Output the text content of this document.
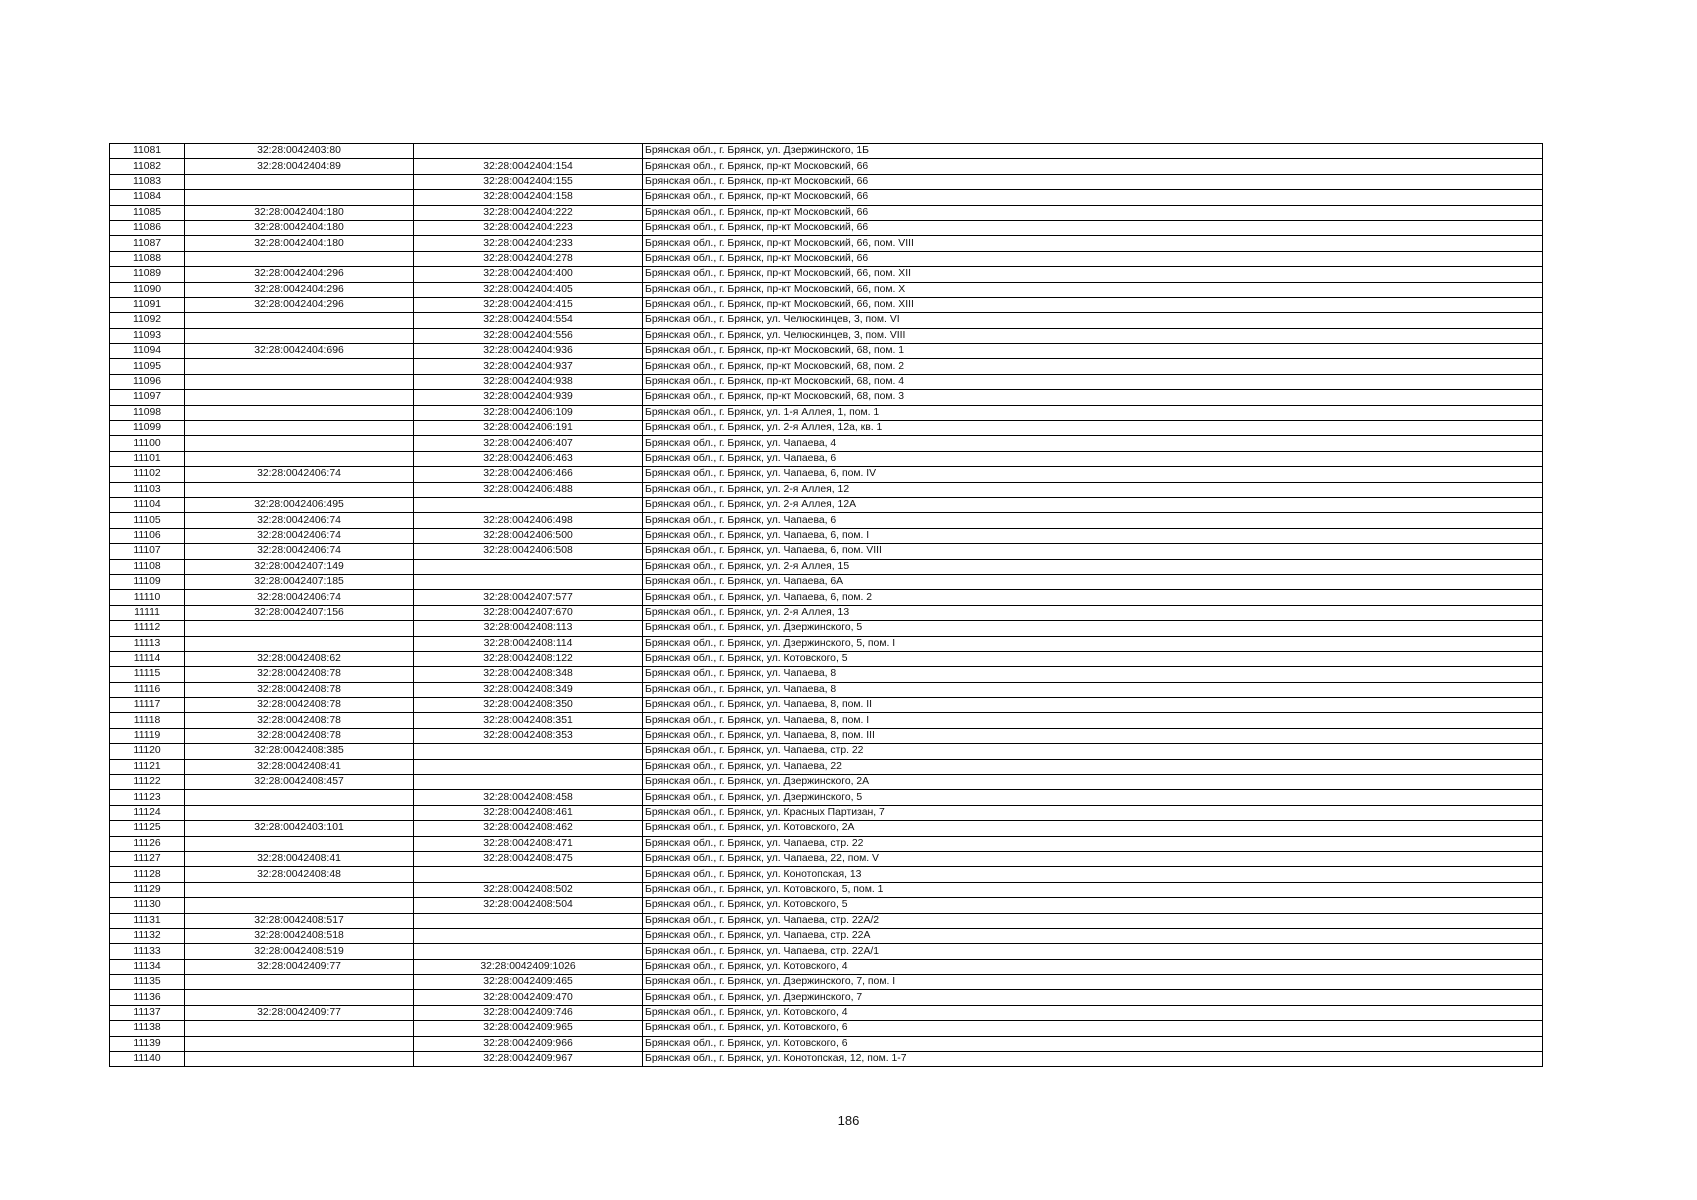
11081	32:28:0042403:80		Брянская обл., г. Брянск, ул. Дзержинского, 1Б
11082	32:28:0042404:89	32:28:0042404:154	Брянская обл., г. Брянск, пр-кт Московский, 66
11083		32:28:0042404:155	Брянская обл., г. Брянск, пр-кт Московский, 66
11084		32:28:0042404:158	Брянская обл., г. Брянск, пр-кт Московский, 66
11085	32:28:0042404:180	32:28:0042404:222	Брянская обл., г. Брянск, пр-кт Московский, 66
11086	32:28:0042404:180	32:28:0042404:223	Брянская обл., г. Брянск, пр-кт Московский, 66
11087	32:28:0042404:180	32:28:0042404:233	Брянская обл., г. Брянск, пр-кт Московский, 66, пом. VIII
11088		32:28:0042404:278	Брянская обл., г. Брянск, пр-кт Московский, 66
11089	32:28:0042404:296	32:28:0042404:400	Брянская обл., г. Брянск, пр-кт Московский, 66, пом. XII
11090	32:28:0042404:296	32:28:0042404:405	Брянская обл., г. Брянск, пр-кт Московский, 66, пом. X
11091	32:28:0042404:296	32:28:0042404:415	Брянская обл., г. Брянск, пр-кт Московский, 66, пом. XIII
11092		32:28:0042404:554	Брянская обл., г. Брянск, ул. Челюскинцев, 3, пом. VI
11093		32:28:0042404:556	Брянская обл., г. Брянск, ул. Челюскинцев, 3, пом. VIII
11094	32:28:0042404:696	32:28:0042404:936	Брянская обл., г. Брянск, пр-кт Московский, 68, пом. 1
11095		32:28:0042404:937	Брянская обл., г. Брянск, пр-кт Московский, 68, пом. 2
11096		32:28:0042404:938	Брянская обл., г. Брянск, пр-кт Московский, 68, пом. 4
11097		32:28:0042404:939	Брянская обл., г. Брянск, пр-кт Московский, 68, пом. 3
11098		32:28:0042406:109	Брянская обл., г. Брянск, ул. 1-я Аллея, 1, пом. 1
11099		32:28:0042406:191	Брянская обл., г. Брянск, ул. 2-я Аллея, 12а, кв. 1
11100		32:28:0042406:407	Брянская обл., г. Брянск, ул. Чапаева, 4
11101		32:28:0042406:463	Брянская обл., г. Брянск, ул. Чапаева, 6
11102	32:28:0042406:74	32:28:0042406:466	Брянская обл., г. Брянск, ул. Чапаева, 6, пом. IV
11103		32:28:0042406:488	Брянская обл., г. Брянск, ул. 2-я Аллея, 12
11104	32:28:0042406:495		Брянская обл., г. Брянск, ул. 2-я Аллея, 12А
11105	32:28:0042406:74	32:28:0042406:498	Брянская обл., г. Брянск, ул. Чапаева, 6
11106	32:28:0042406:74	32:28:0042406:500	Брянская обл., г. Брянск, ул. Чапаева, 6, пом. I
11107	32:28:0042406:74	32:28:0042406:508	Брянская обл., г. Брянск, ул. Чапаева, 6, пом. VIII
11108	32:28:0042407:149		Брянская обл., г. Брянск, ул. 2-я Аллея, 15
11109	32:28:0042407:185		Брянская обл., г. Брянск, ул. Чапаева, 6А
11110	32:28:0042406:74	32:28:0042407:577	Брянская обл., г. Брянск, ул. Чапаева, 6, пом. 2
11111	32:28:0042407:156	32:28:0042407:670	Брянская обл., г. Брянск, ул. 2-я Аллея, 13
11112		32:28:0042408:113	Брянская обл., г. Брянск, ул. Дзержинского, 5
11113		32:28:0042408:114	Брянская обл., г. Брянск, ул. Дзержинского, 5, пом. I
11114	32:28:0042408:62	32:28:0042408:122	Брянская обл., г. Брянск, ул. Котовского, 5
11115	32:28:0042408:78	32:28:0042408:348	Брянская обл., г. Брянск, ул. Чапаева, 8
11116	32:28:0042408:78	32:28:0042408:349	Брянская обл., г. Брянск, ул. Чапаева, 8
11117	32:28:0042408:78	32:28:0042408:350	Брянская обл., г. Брянск, ул. Чапаева, 8, пом. II
11118	32:28:0042408:78	32:28:0042408:351	Брянская обл., г. Брянск, ул. Чапаева, 8, пом. I
11119	32:28:0042408:78	32:28:0042408:353	Брянская обл., г. Брянск, ул. Чапаева, 8, пом. III
11120	32:28:0042408:385		Брянская обл., г. Брянск, ул. Чапаева, стр. 22
11121	32:28:0042408:41		Брянская обл., г. Брянск, ул. Чапаева, 22
11122	32:28:0042408:457		Брянская обл., г. Брянск, ул. Дзержинского, 2А
11123		32:28:0042408:458	Брянская обл., г. Брянск, ул. Дзержинского, 5
11124		32:28:0042408:461	Брянская обл., г. Брянск, ул. Красных Партизан, 7
11125	32:28:0042403:101	32:28:0042408:462	Брянская обл., г. Брянск, ул. Котовского, 2А
11126		32:28:0042408:471	Брянская обл., г. Брянск, ул. Чапаева, стр. 22
11127	32:28:0042408:41	32:28:0042408:475	Брянская обл., г. Брянск, ул. Чапаева, 22, пом. V
11128	32:28:0042408:48		Брянская обл., г. Брянск, ул. Конотопская, 13
11129		32:28:0042408:502	Брянская обл., г. Брянск, ул. Котовского, 5, пом. 1
11130		32:28:0042408:504	Брянская обл., г. Брянск, ул. Котовского, 5
11131	32:28:0042408:517		Брянская обл., г. Брянск, ул. Чапаева, стр. 22А/2
11132	32:28:0042408:518		Брянская обл., г. Брянск, ул. Чапаева, стр. 22А
11133	32:28:0042408:519		Брянская обл., г. Брянск, ул. Чапаева, стр. 22А/1
11134	32:28:0042409:77	32:28:0042409:1026	Брянская обл., г. Брянск, ул. Котовского, 4
11135		32:28:0042409:465	Брянская обл., г. Брянск, ул. Дзержинского, 7, пом. I
11136		32:28:0042409:470	Брянская обл., г. Брянск, ул. Дзержинского, 7
11137	32:28:0042409:77	32:28:0042409:746	Брянская обл., г. Брянск, ул. Котовского, 4
11138		32:28:0042409:965	Брянская обл., г. Брянск, ул. Котовского, 6
11139		32:28:0042409:966	Брянская обл., г. Брянск, ул. Котовского, 6
11140		32:28:0042409:967	Брянская обл., г. Брянск, ул. Конотопская, 12, пом. 1-7
186
